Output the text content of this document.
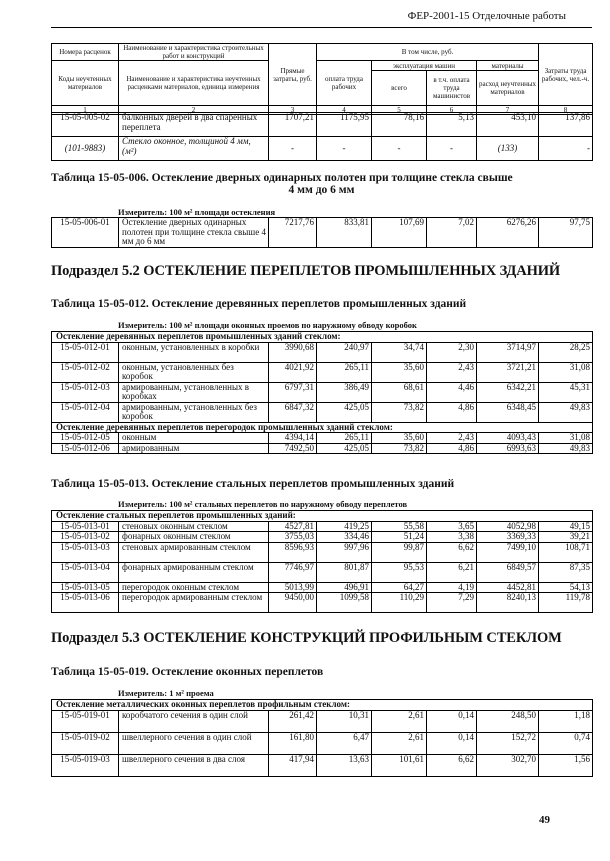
ФЕР-2001-15 Отделочные работы
Номера расценок	Наименование и характеристика строительных работ и конструкций	Прямые затраты, руб.	В том числе, руб.				Затраты труда рабочих, чел.-ч.
Коды неучтенных материалов	Наименование и характеристика неучтенных расценками материалов, единица измерения		оплата труда рабочих	эксплуатация машин		материалы	
				всего	в т.ч. оплата труда машинистов	расход неучтенных материалов	
1	2	3	4	5	6	7	8
15-05-005-02	балконных дверей в два спаренных переплета	1707,21	1175,95	78,16	5,13	453,10	137,86
(101-9883)	Стекло оконное, толщиной 4 мм, (м²)	-	-	-	-	(133)	-
Таблица 15-05-006. Остекление дверных одинарных полотен при толщине стекла свыше
4 мм до 6 мм
Измеритель: 100 м² площади остекления
15-05-006-01	Остекление дверных одинарных полотен при толщине стекла свыше 4 мм до 6 мм	7217,76	833,81	107,69	7,02	6276,26	97,75
Подраздел 5.2 ОСТЕКЛЕНИЕ ПЕРЕПЛЕТОВ ПРОМЫШЛЕННЫХ ЗДАНИЙ
Таблица 15-05-012. Остекление деревянных переплетов промышленных зданий
Измеритель: 100 м² площади оконных проемов по наружному обводу коробок
Остекление деревянных переплетов промышленных зданий стеклом:							
15-05-012-01	оконным, установленных в коробки	3990,68	240,97	34,74	2,30	3714,97	28,25
15-05-012-02	оконным, установленных без коробок	4021,92	265,11	35,60	2,43	3721,21	31,08
15-05-012-03	армированным, установленных в коробках	6797,31	386,49	68,61	4,46	6342,21	45,31
15-05-012-04	армированным, установленных без коробок	6847,32	425,05	73,82	4,86	6348,45	49,83
Остекление деревянных переплетов перегородок промышленных зданий стеклом:							
15-05-012-05	оконным	4394,14	265,11	35,60	2,43	4093,43	31,08
15-05-012-06	армированным	7492,50	425,05	73,82	4,86	6993,63	49,83
Таблица 15-05-013. Остекление стальных переплетов промышленных зданий
Измеритель: 100 м² стальных переплетов по наружному обводу переплетов
Остекление стальных переплетов промышленных зданий:							
15-05-013-01	стеновых оконным стеклом	4527,81	419,25	55,58	3,65	4052,98	49,15
15-05-013-02	фонарных оконным стеклом	3755,03	334,46	51,24	3,38	3369,33	39,21
15-05-013-03	стеновых армированным стеклом	8596,93	997,96	99,87	6,62	7499,10	108,71
15-05-013-04	фонарных армированным стеклом	7746,97	801,87	95,53	6,21	6849,57	87,35
15-05-013-05	перегородок оконным стеклом	5013,99	496,91	64,27	4,19	4452,81	54,13
15-05-013-06	перегородок армированным стеклом	9450,00	1099,58	110,29	7,29	8240,13	119,78
Подраздел 5.3 ОСТЕКЛЕНИЕ КОНСТРУКЦИЙ ПРОФИЛЬНЫМ СТЕКЛОМ
Таблица 15-05-019. Остекление оконных переплетов
Измеритель: 1 м² проема
Остекление металлических оконных переплетов профильным стеклом:							
15-05-019-01	коробчатого сечения в один слой	261,42	10,31	2,61	0,14	248,50	1,18
15-05-019-02	швеллерного сечения в один слой	161,80	6,47	2,61	0,14	152,72	0,74
15-05-019-03	швеллерного сечения в два слоя	417,94	13,63	101,61	6,62	302,70	1,56
49
